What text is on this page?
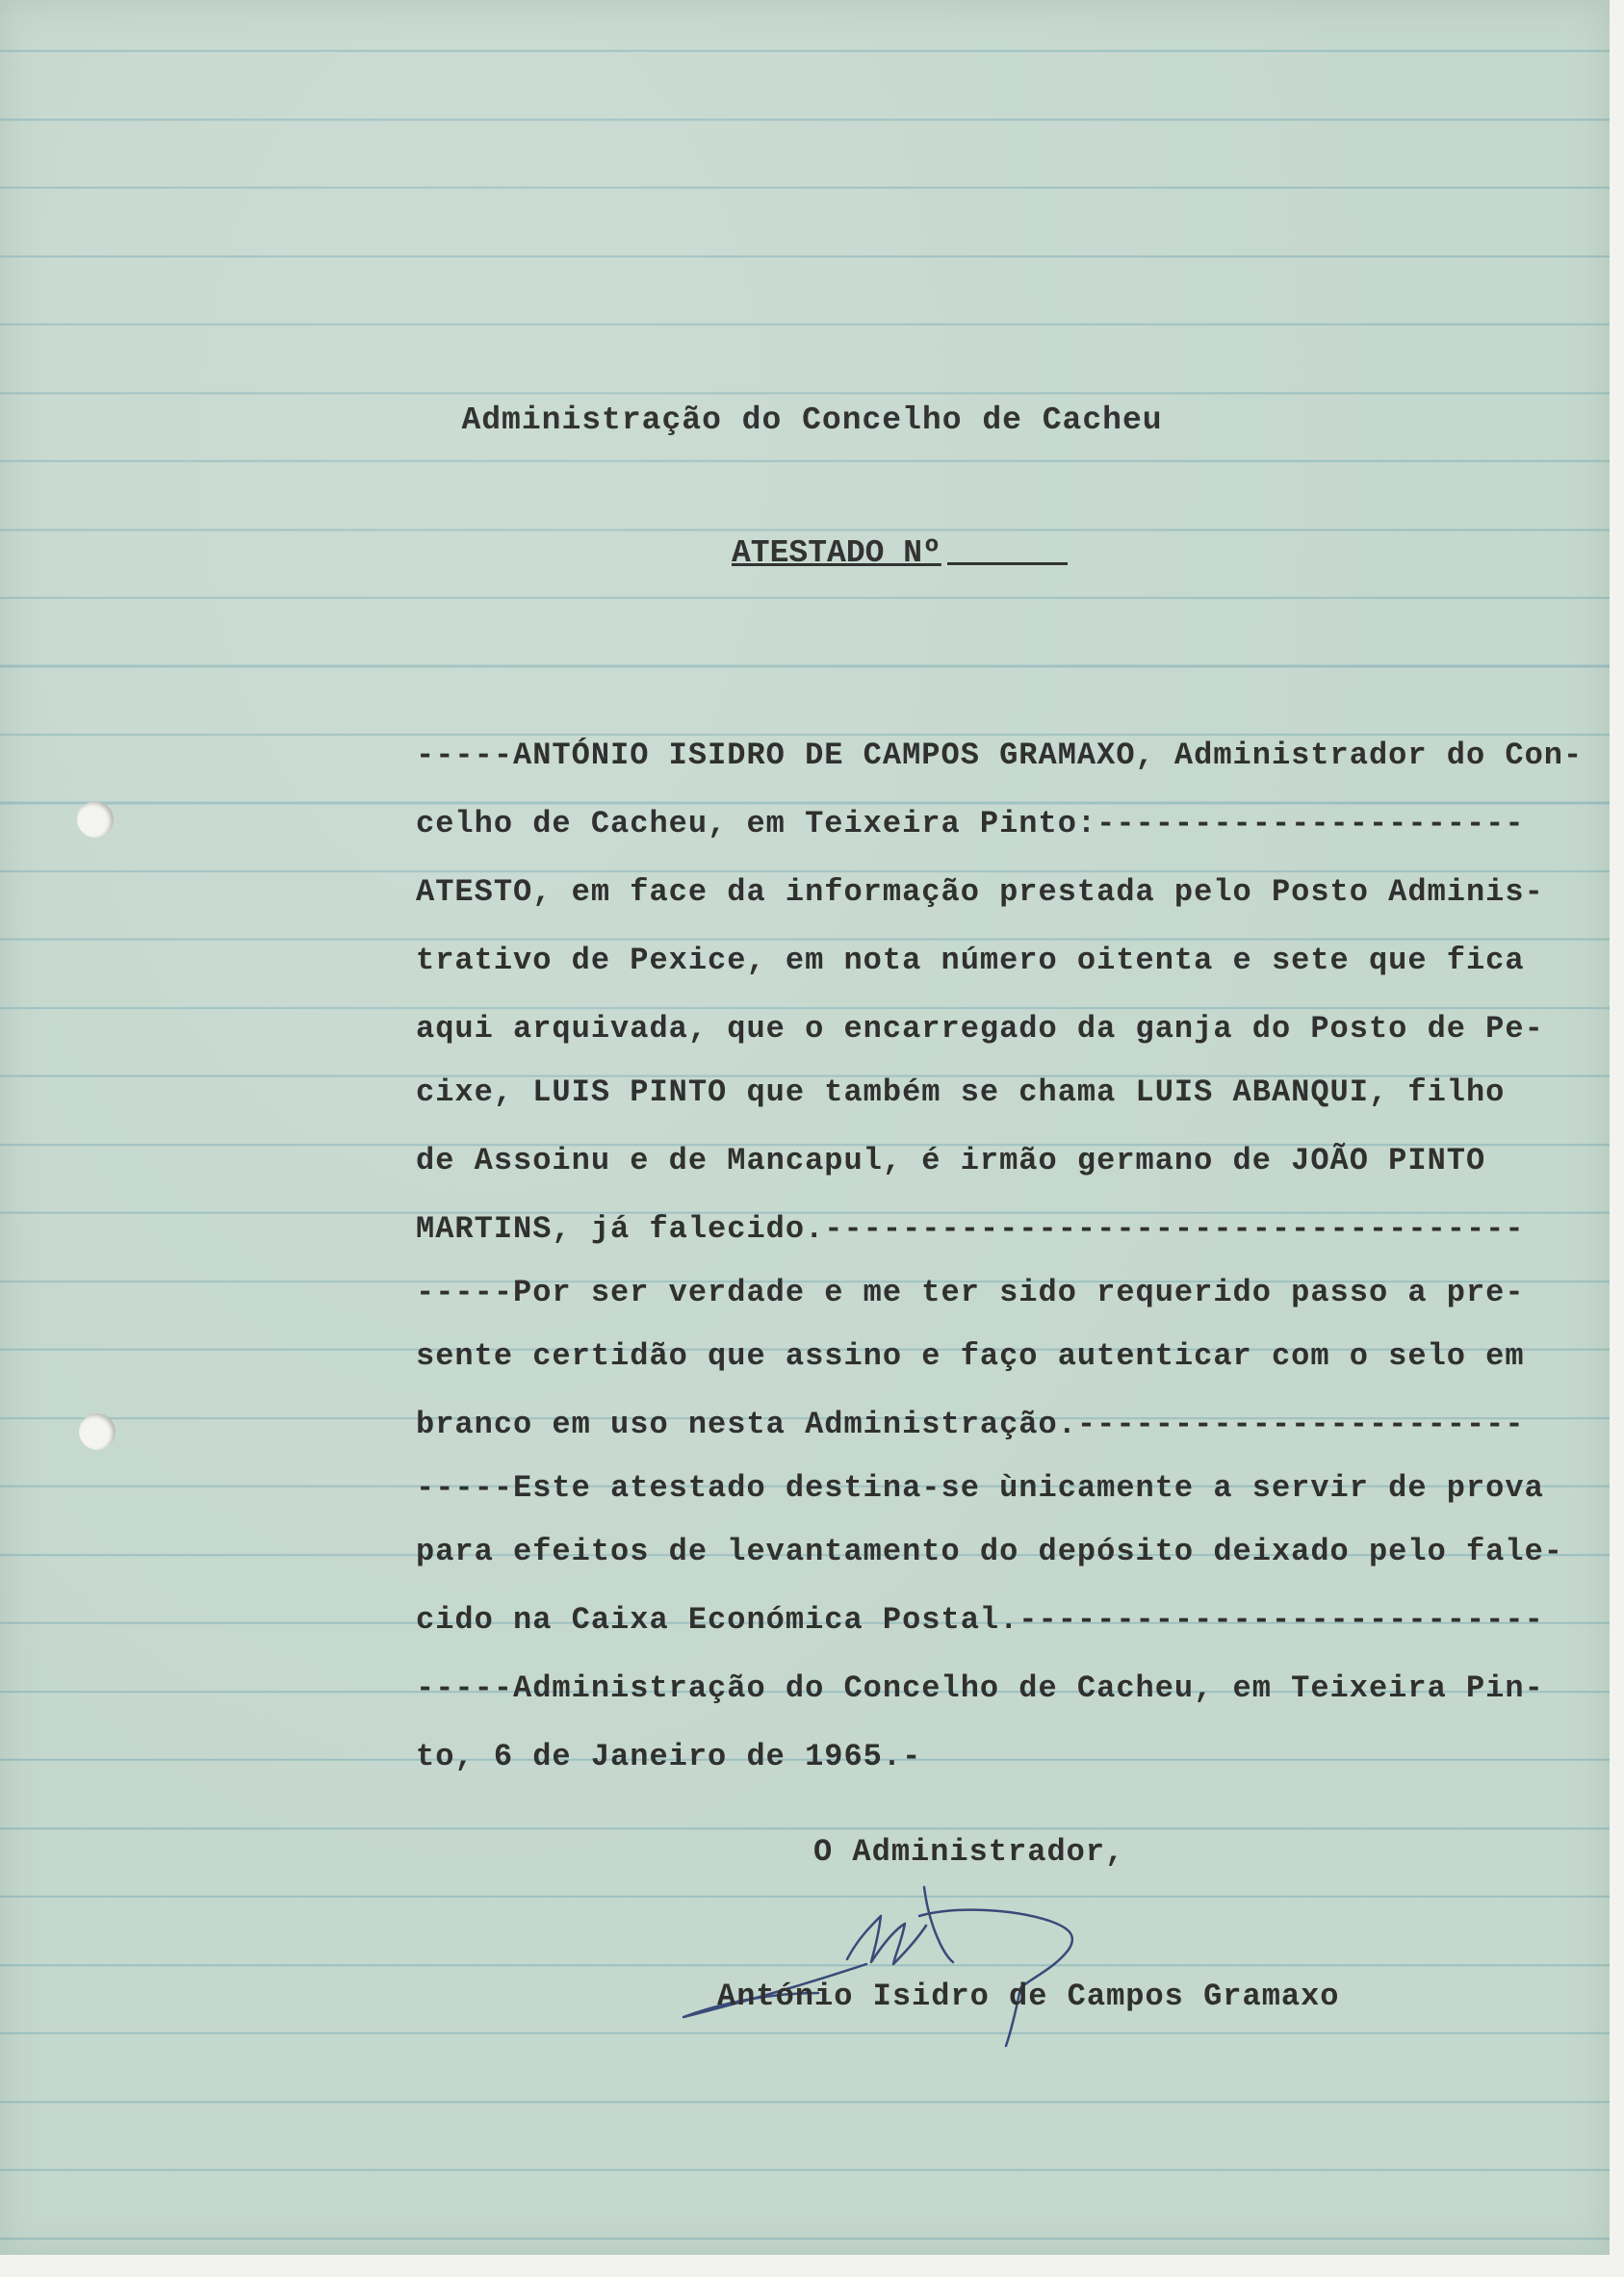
Administração do Concelho de Cacheu
ATESTADO Nº
-----ANTÓNIO ISIDRO DE CAMPOS GRAMAXO, Administrador do Con-
celho de Cacheu, em Teixeira Pinto:----------------------
ATESTO, em face da informação prestada pelo Posto Adminis-
trativo de Pexice, em nota número oitenta e sete que fica
aqui arquivada, que o encarregado da ganja do Posto de Pe-
cixe, LUIS PINTO que também se chama LUIS ABANQUI, filho
de Assoinu e de Mancapul, é irmão germano de JOÃO PINTO
MARTINS, já falecido.------------------------------------
-----Por ser verdade e me ter sido requerido passo a pre-
sente certidão que assino e faço autenticar com o selo em
branco em uso nesta Administração.-----------------------
-----Este atestado destina-se ùnicamente a servir de prova
para efeitos de levantamento do depósito deixado pelo fale-
cido na Caixa Económica Postal.---------------------------
-----Administração do Concelho de Cacheu, em Teixeira Pin-
to, 6 de Janeiro de 1965.-
O Administrador,
António Isidro de Campos Gramaxo
